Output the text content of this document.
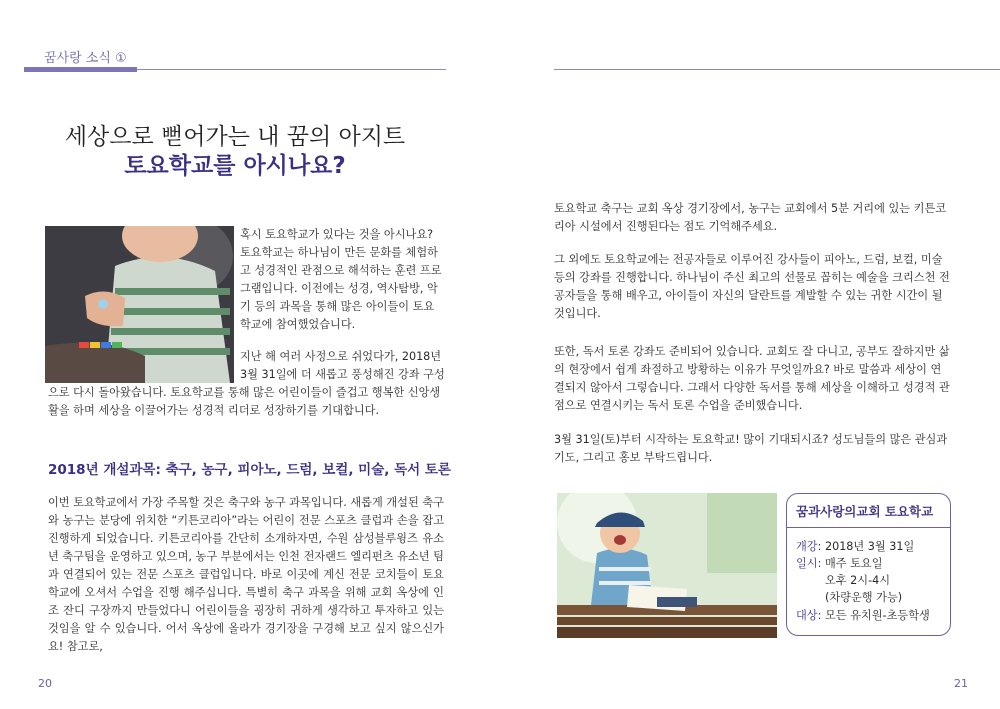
꿈사랑 소식 ①
세상으로 뻗어가는 내 꿈의 아지트
토요학교를 아시나요?

혹시 토요학교가 있다는 것을 아시나요? 토요학교는 하나님이 만든 문화를 체험하고 성경적인 관점으로 해석하는 훈련 프로그램입니다. 이전에는 성경, 역사탐방, 악기 등의 과목을 통해 많은 아이들이 토요학교에 참여했었습니다.

지난 해 여러 사정으로 쉬었다가, 2018년 3월 31일에 더 새롭고 풍성해진 강좌 구성

으로 다시 돌아왔습니다. 토요학교를 통해 많은 어린이들이 즐겁고 행복한 신앙생활을 하며 세상을 이끌어가는 성경적 리더로 성장하기를 기대합니다.

2018년 개설과목: 축구, 농구, 피아노, 드럼, 보컬, 미술, 독서 토론

이번 토요학교에서 가장 주목할 것은 축구와 농구 과목입니다. 새롭게 개설된 축구와 농구는 분당에 위치한 “키튼코리아”라는 어린이 전문 스포츠 클럽과 손을 잡고 진행하게 되었습니다. 키튼코리아를 간단히 소개하자면, 수원 삼성블루윙즈 유소년 축구팀을 운영하고 있으며, 농구 부분에서는 인천 전자랜드 엘리펀츠 유소년 팀과 연결되어 있는 전문 스포츠 클럽입니다. 바로 이곳에 계신 전문 코치들이 토요학교에 오셔서 수업을 진행 해주십니다. 특별히 축구 과목을 위해 교회 옥상에 인조 잔디 구장까지 만들었다니 어린이들을 굉장히 귀하게 생각하고 투자하고 있는 것임을 알 수 있습니다. 어서 옥상에 올라가 경기장을 구경해 보고 싶지 않으신가요! 참고로,

토요학교 축구는 교회 옥상 경기장에서, 농구는 교회에서 5분 거리에 있는 키튼코리아 시설에서 진행된다는 점도 기억해주세요.

그 외에도 토요학교에는 전공자들로 이루어진 강사들이 피아노, 드럼, 보컬, 미술 등의 강좌를 진행합니다. 하나님이 주신 최고의 선물로 꼽히는 예술을 크리스천 전공자들을 통해 배우고, 아이들이 자신의 달란트를 계발할 수 있는 귀한 시간이 될 것입니다.

또한, 독서 토론 강좌도 준비되어 있습니다. 교회도 잘 다니고, 공부도 잘하지만 삶의 현장에서 쉽게 좌절하고 방황하는 이유가 무엇일까요? 바로 말씀과 세상이 연결되지 않아서 그렇습니다. 그래서 다양한 독서를 통해 세상을 이해하고 성경적 관점으로 연결시키는 독서 토론 수업을 준비했습니다.

3월 31일(토)부터 시작하는 토요학교! 많이 기대되시죠? 성도님들의 많은 관심과 기도, 그리고 홍보 부탁드립니다.

꿈과사랑의교회 토요학교
개강: 2018년 3월 31일
일시: 매주 토요일
오후 2시-4시
(차량운행 가능)
대상: 모든 유치원-초등학생
20	21
